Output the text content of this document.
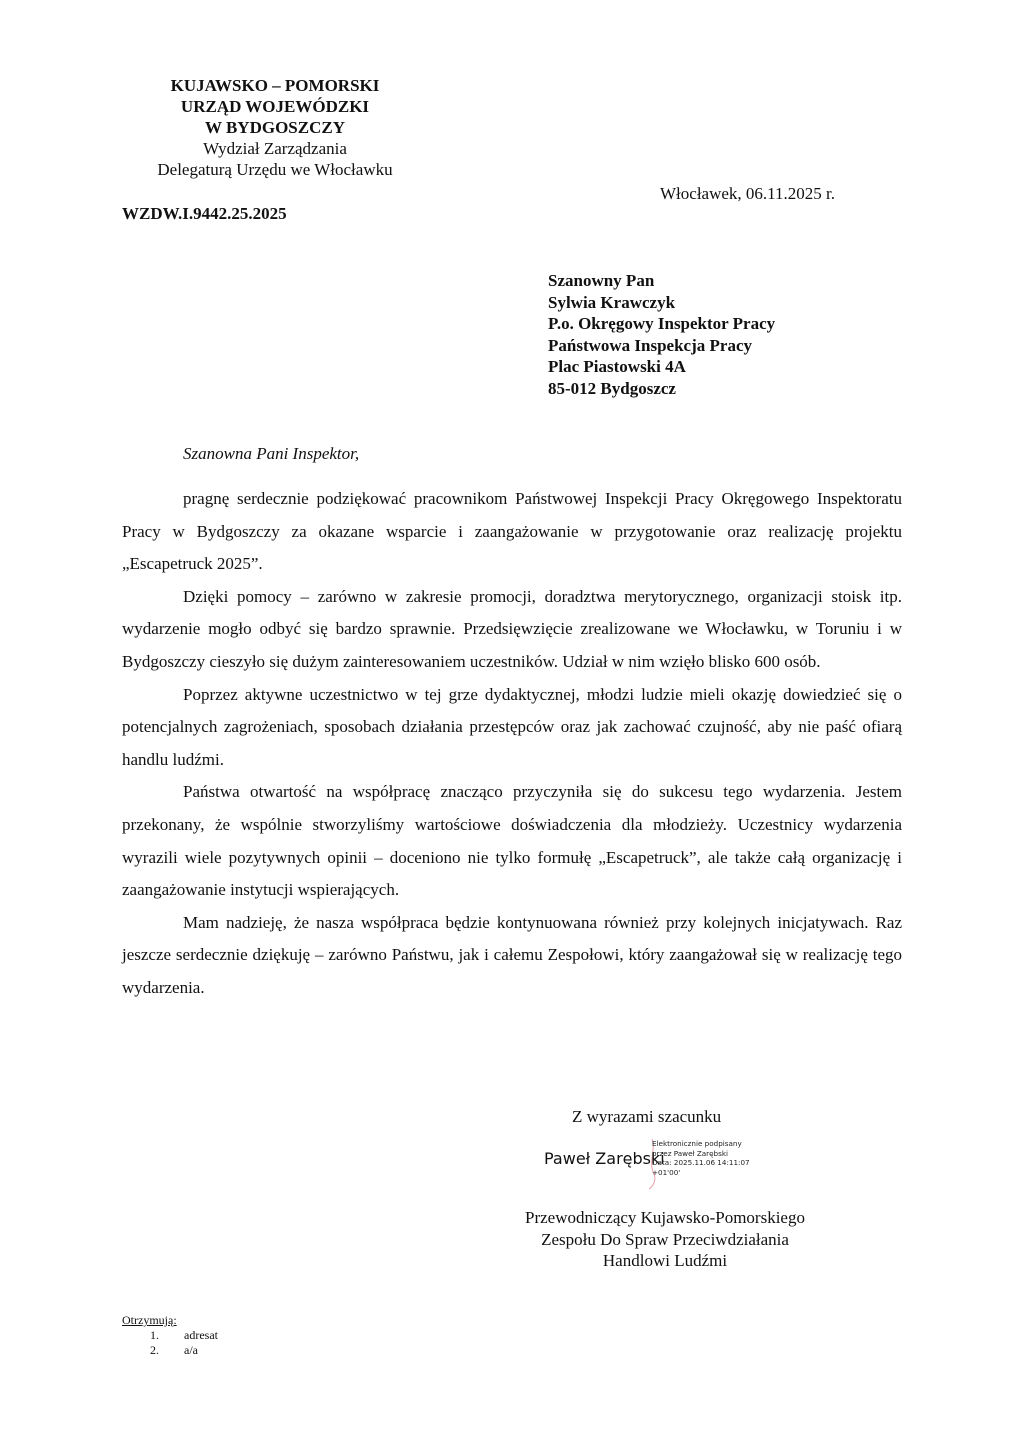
KUJAWSKO – POMORSKI
URZĄD WOJEWÓDZKI
W BYDGOSZCZY
Wydział Zarządzania
Delegaturą Urzędu we Włocławku
WZDW.I.9442.25.2025
Włocławek, 06.11.2025 r.
Szanowny Pan
Sylwia Krawczyk
P.o. Okręgowy Inspektor Pracy
Państwowa Inspekcja Pracy
Plac Piastowski 4A
85-012 Bydgoszcz
Szanowna Pani Inspektor,

pragnę serdecznie podziękować pracownikom Państwowej Inspekcji Pracy Okręgowego Inspektoratu Pracy w Bydgoszczy za okazane wsparcie i zaangażowanie w przygotowanie oraz realizację projektu „Escapetruck 2025”.

Dzięki pomocy – zarówno w zakresie promocji, doradztwa merytorycznego, organizacji stoisk itp. wydarzenie mogło odbyć się bardzo sprawnie. Przedsięwzięcie zrealizowane we Włocławku, w Toruniu i w Bydgoszczy cieszyło się dużym zainteresowaniem uczestników. Udział w nim wzięło blisko 600 osób.

Poprzez aktywne uczestnictwo w tej grze dydaktycznej, młodzi ludzie mieli okazję dowiedzieć się o potencjalnych zagrożeniach, sposobach działania przestępców oraz jak zachować czujność, aby nie paść ofiarą handlu ludźmi.

Państwa otwartość na współpracę znacząco przyczyniła się do sukcesu tego wydarzenia. Jestem przekonany, że wspólnie stworzyliśmy wartościowe doświadczenia dla młodzieży. Uczestnicy wydarzenia wyrazili wiele pozytywnych opinii – doceniono nie tylko formułę „Escapetruck”, ale także całą organizację i zaangażowanie instytucji wspierających.

Mam nadzieję, że nasza współpraca będzie kontynuowana również przy kolejnych inicjatywach. Raz jeszcze serdecznie dziękuję – zarówno Państwu, jak i całemu Zespołowi, który zaangażował się w realizację tego wydarzenia.

Z wyrazami szacunku
Paweł Zarębski
Elektronicznie podpisany
przez Paweł Zarębski
Data: 2025.11.06 14:11:07
+01'00'
Przewodniczący Kujawsko-Pomorskiego
Zespołu Do Spraw Przeciwdziałania
Handlowi Ludźmi
Otrzymują:
1.	adresat
2.	a/a
